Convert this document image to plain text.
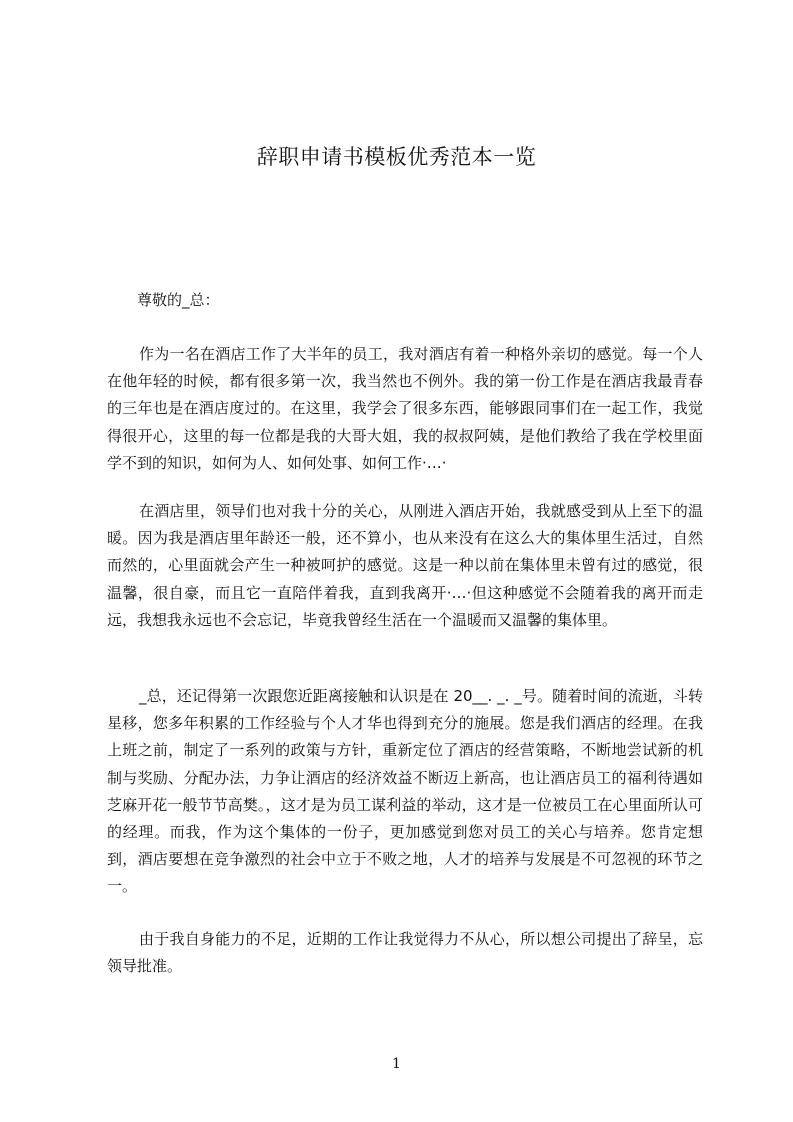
辞职申请书模板优秀范本一览
尊敬的_总：
作为一名在酒店工作了大半年的员工，我对酒店有着一种格外亲切的感觉。每一个人在他年轻的时候，都有很多第一次，我当然也不例外。我的第一份工作是在酒店我最青春的三年也是在酒店度过的。在这里，我学会了很多东西，能够跟同事们在一起工作，我觉得很开心，这里的每一位都是我的大哥大姐，我的叔叔阿姨，是他们教给了我在学校里面学不到的知识，如何为人、如何处事、如何工作·…·
在酒店里，领导们也对我十分的关心，从刚进入酒店开始，我就感受到从上至下的温暖。因为我是酒店里年龄还一般，还不算小，也从来没有在这么大的集体里生活过，自然而然的，心里面就会产生一种被呵护的感觉。这是一种以前在集体里未曾有过的感觉，很温馨，很自豪，而且它一直陪伴着我，直到我离开·…·但这种感觉不会随着我的离开而走远，我想我永远也不会忘记，毕竟我曾经生活在一个温暖而又温馨的集体里。
_总，还记得第一次跟您近距离接触和认识是在 20__. _. _号。随着时间的流逝，斗转星移，您多年积累的工作经验与个人才华也得到充分的施展。您是我们酒店的经理。在我上班之前，制定了一系列的政策与方针，重新定位了酒店的经营策略，不断地尝试新的机制与奖励、分配办法，力争让酒店的经济效益不断迈上新高，也让酒店员工的福利待遇如芝麻开花一般节节高樊。，这才是为员工谋利益的举动，这才是一位被员工在心里面所认可的经理。而我，作为这个集体的一份子，更加感觉到您对员工的关心与培养。您肯定想到，酒店要想在竞争激烈的社会中立于不败之地，人才的培养与发展是不可忽视的环节之一。
由于我自身能力的不足，近期的工作让我觉得力不从心，所以想公司提出了辞呈，忘领导批准。
1
